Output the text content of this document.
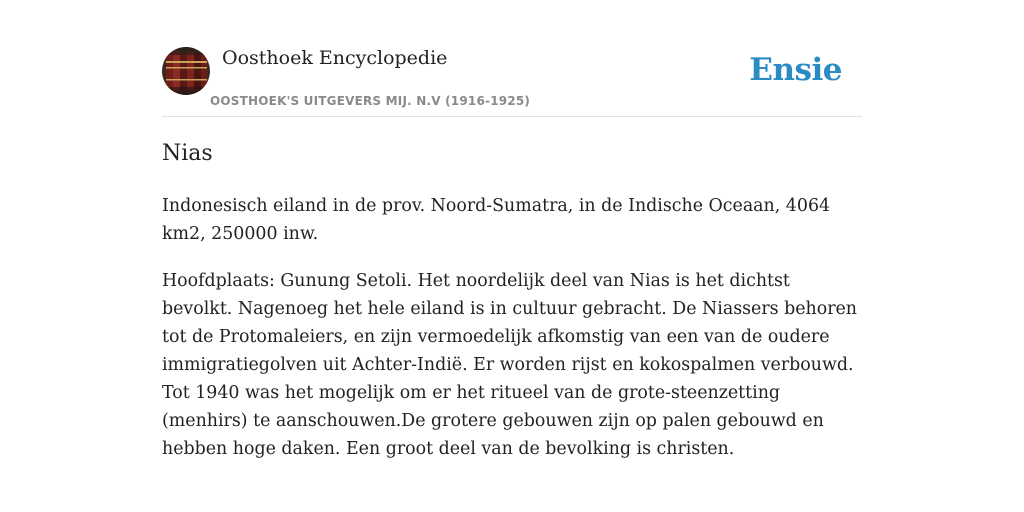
Oosthoek Encyclopedie
OOSTHOEK'S UITGEVERS MIJ. N.V (1916-1925)
Ensie
Nias

Indonesisch eiland in de prov. Noord-Sumatra, in de Indische Oceaan, 4064 km2, 250000 inw.

Hoofdplaats: Gunung Setoli. Het noordelijk deel van Nias is het dichtst bevolkt. Nagenoeg het hele eiland is in cultuur gebracht. De Niassers behoren tot de Protomaleiers, en zijn vermoedelijk afkomstig van een van de oudere immigratiegolven uit Achter-Indië. Er worden rijst en kokospalmen verbouwd. Tot 1940 was het mogelijk om er het ritueel van de grote-steenzetting (menhirs) te aanschouwen.De grotere gebouwen zijn op palen gebouwd en hebben hoge daken. Een groot deel van de bevolking is christen.
